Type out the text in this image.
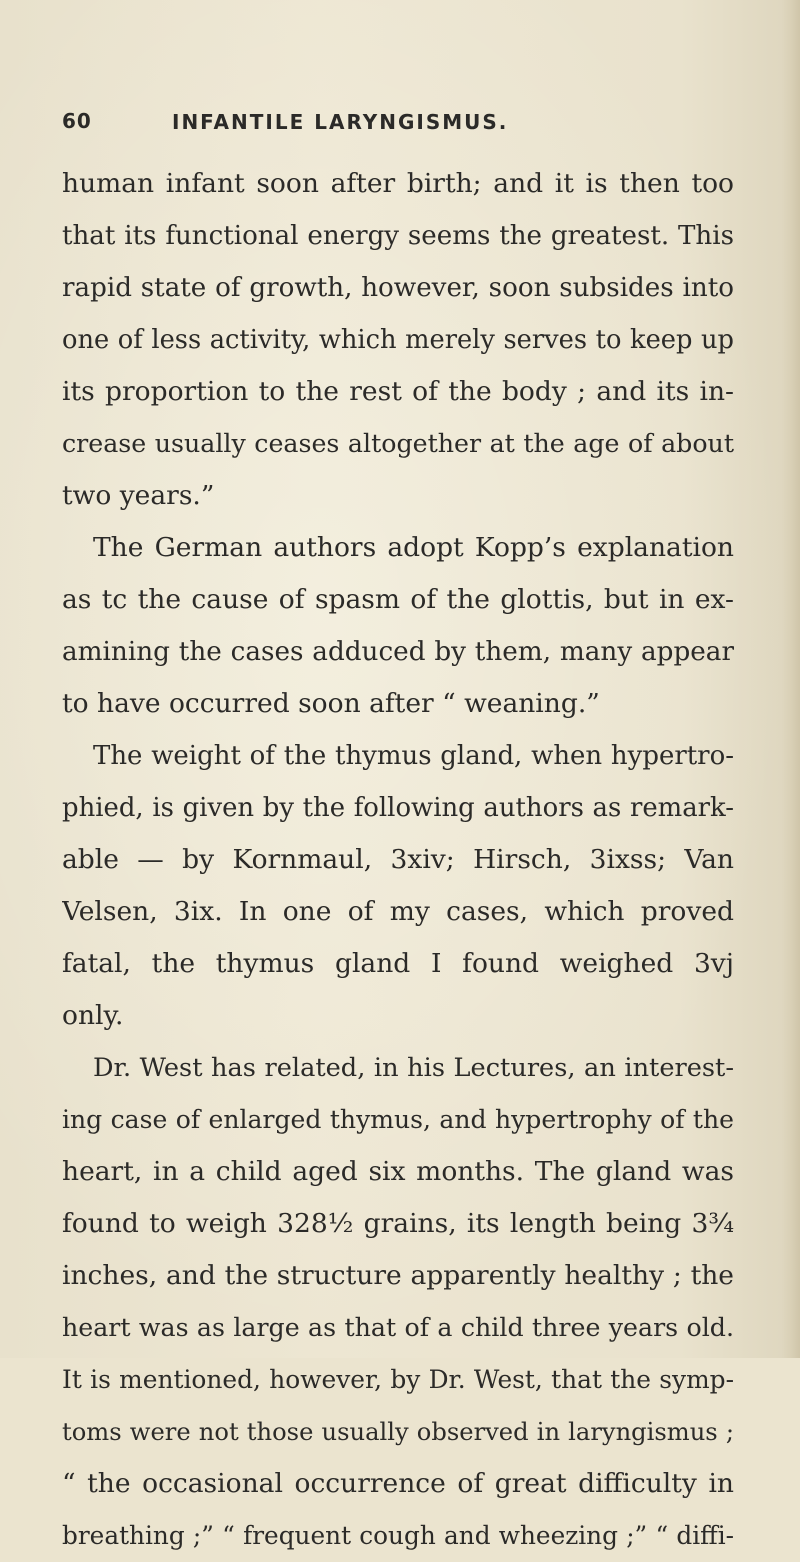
60	INFANTILE LARYNGISMUS.
human infant soon after birth; and it is then too
that its functional energy seems the greatest. This
rapid state of growth, however, soon subsides into
one of less activity, which merely serves to keep up
its proportion to the rest of the body ; and its in-
crease usually ceases altogether at the age of about
two years.”
The German authors adopt Kopp’s explanation
as tc the cause of spasm of the glottis, but in ex-
amining the cases adduced by them, many appear
to have occurred soon after “ weaning.”
The weight of the thymus gland, when hypertro-
phied, is given by the following authors as remark-
able — by Kornmaul, 3xiv; Hirsch, 3ixss; Van
Velsen, 3ix. In one of my cases, which proved
fatal, the thymus gland I found weighed 3vj
only.
Dr. West has related, in his Lectures, an interest-
ing case of enlarged thymus, and hypertrophy of the
heart, in a child aged six months. The gland was
found to weigh 328½ grains, its length being 3¾
inches, and the structure apparently healthy ; the
heart was as large as that of a child three years old.
It is mentioned, however, by Dr. West, that the symp-
toms were not those usually observed in laryngismus ;
“ the occasional occurrence of great difficulty in
breathing ;” “ frequent cough and wheezing ;” “ diffi-
